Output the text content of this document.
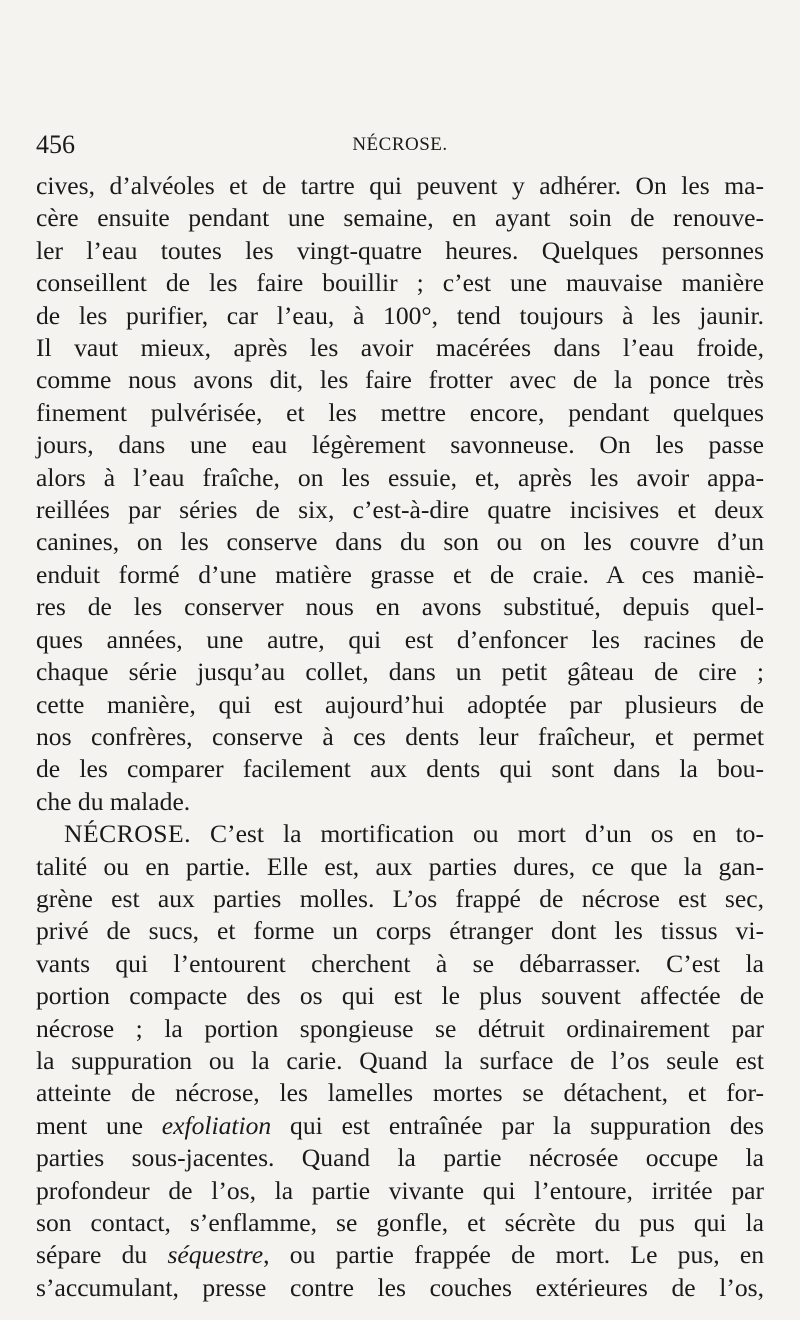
456	NÉCROSE.
cives, d’alvéoles et de tartre qui peuvent y adhérer. On les ma-
cère ensuite pendant une semaine, en ayant soin de renouve-
ler l’eau toutes les vingt-quatre heures. Quelques personnes
conseillent de les faire bouillir ; c’est une mauvaise manière
de les purifier, car l’eau, à 100°, tend toujours à les jaunir.
Il vaut mieux, après les avoir macérées dans l’eau froide,
comme nous avons dit, les faire frotter avec de la ponce très
finement pulvérisée, et les mettre encore, pendant quelques
jours, dans une eau légèrement savonneuse. On les passe
alors à l’eau fraîche, on les essuie, et, après les avoir appa-
reillées par séries de six, c’est-à-dire quatre incisives et deux
canines, on les conserve dans du son ou on les couvre d’un
enduit formé d’une matière grasse et de craie. A ces maniè-
res de les conserver nous en avons substitué, depuis quel-
ques années, une autre, qui est d’enfoncer les racines de
chaque série jusqu’au collet, dans un petit gâteau de cire ;
cette manière, qui est aujourd’hui adoptée par plusieurs de
nos confrères, conserve à ces dents leur fraîcheur, et permet
de les comparer facilement aux dents qui sont dans la bou-
che du malade.
NÉCROSE. C’est la mortification ou mort d’un os en to-
talité ou en partie. Elle est, aux parties dures, ce que la gan-
grène est aux parties molles. L’os frappé de nécrose est sec,
privé de sucs, et forme un corps étranger dont les tissus vi-
vants qui l’entourent cherchent à se débarrasser. C’est la
portion compacte des os qui est le plus souvent affectée de
nécrose ; la portion spongieuse se détruit ordinairement par
la suppuration ou la carie. Quand la surface de l’os seule est
atteinte de nécrose, les lamelles mortes se détachent, et for-
ment une exfoliation qui est entraînée par la suppuration des
parties sous-jacentes. Quand la partie nécrosée occupe la
profondeur de l’os, la partie vivante qui l’entoure, irritée par
son contact, s’enflamme, se gonfle, et sécrète du pus qui la
sépare du séquestre, ou partie frappée de mort. Le pus, en
s’accumulant, presse contre les couches extérieures de l’os,
